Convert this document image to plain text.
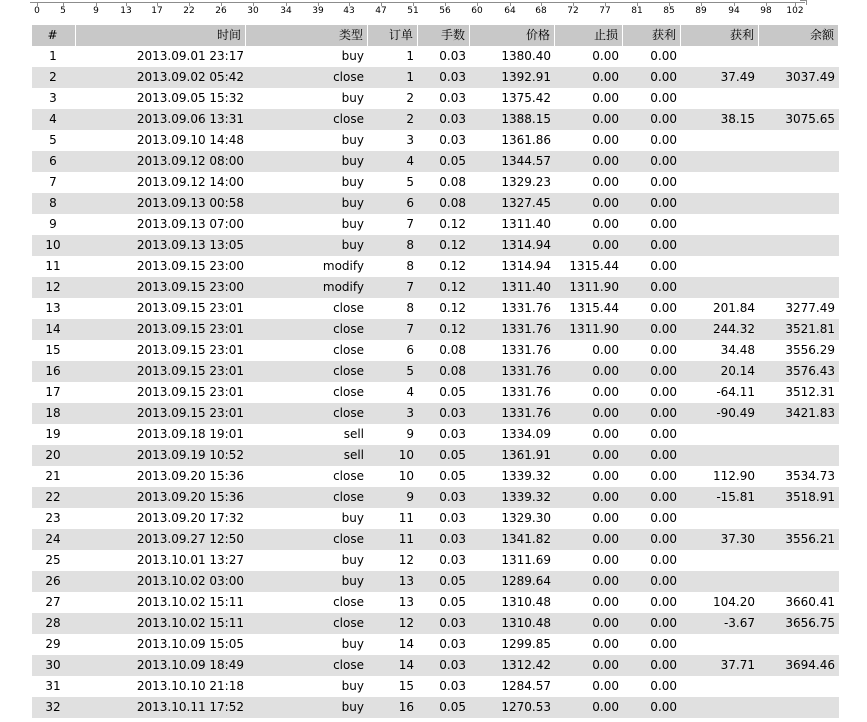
0 5	9 13 17 22 26 30 34 39 43 47 51 56 60 64 68 72 77 81 85 89 94 98 102
#	时间	类型	订单	手数	价格	止损	获利	获利	余额
1	2013.09.01 23:17	buy	1	0.03	1380.40	0.00	0.00		
2	2013.09.02 05:42	close	1	0.03	1392.91	0.00	0.00	37.49	3037.49
3	2013.09.05 15:32	buy	2	0.03	1375.42	0.00	0.00		
4	2013.09.06 13:31	close	2	0.03	1388.15	0.00	0.00	38.15	3075.65
5	2013.09.10 14:48	buy	3	0.03	1361.86	0.00	0.00		
6	2013.09.12 08:00	buy	4	0.05	1344.57	0.00	0.00		
7	2013.09.12 14:00	buy	5	0.08	1329.23	0.00	0.00		
8	2013.09.13 00:58	buy	6	0.08	1327.45	0.00	0.00		
9	2013.09.13 07:00	buy	7	0.12	1311.40	0.00	0.00		
10	2013.09.13 13:05	buy	8	0.12	1314.94	0.00	0.00		
11	2013.09.15 23:00	modify	8	0.12	1314.94	1315.44	0.00		
12	2013.09.15 23:00	modify	7	0.12	1311.40	1311.90	0.00		
13	2013.09.15 23:01	close	8	0.12	1331.76	1315.44	0.00	201.84	3277.49
14	2013.09.15 23:01	close	7	0.12	1331.76	1311.90	0.00	244.32	3521.81
15	2013.09.15 23:01	close	6	0.08	1331.76	0.00	0.00	34.48	3556.29
16	2013.09.15 23:01	close	5	0.08	1331.76	0.00	0.00	20.14	3576.43
17	2013.09.15 23:01	close	4	0.05	1331.76	0.00	0.00	-64.11	3512.31
18	2013.09.15 23:01	close	3	0.03	1331.76	0.00	0.00	-90.49	3421.83
19	2013.09.18 19:01	sell	9	0.03	1334.09	0.00	0.00		
20	2013.09.19 10:52	sell	10	0.05	1361.91	0.00	0.00		
21	2013.09.20 15:36	close	10	0.05	1339.32	0.00	0.00	112.90	3534.73
22	2013.09.20 15:36	close	9	0.03	1339.32	0.00	0.00	-15.81	3518.91
23	2013.09.20 17:32	buy	11	0.03	1329.30	0.00	0.00		
24	2013.09.27 12:50	close	11	0.03	1341.82	0.00	0.00	37.30	3556.21
25	2013.10.01 13:27	buy	12	0.03	1311.69	0.00	0.00		
26	2013.10.02 03:00	buy	13	0.05	1289.64	0.00	0.00		
27	2013.10.02 15:11	close	13	0.05	1310.48	0.00	0.00	104.20	3660.41
28	2013.10.02 15:11	close	12	0.03	1310.48	0.00	0.00	-3.67	3656.75
29	2013.10.09 15:05	buy	14	0.03	1299.85	0.00	0.00		
30	2013.10.09 18:49	close	14	0.03	1312.42	0.00	0.00	37.71	3694.46
31	2013.10.10 21:18	buy	15	0.03	1284.57	0.00	0.00		
32	2013.10.11 17:52	buy	16	0.05	1270.53	0.00	0.00		
